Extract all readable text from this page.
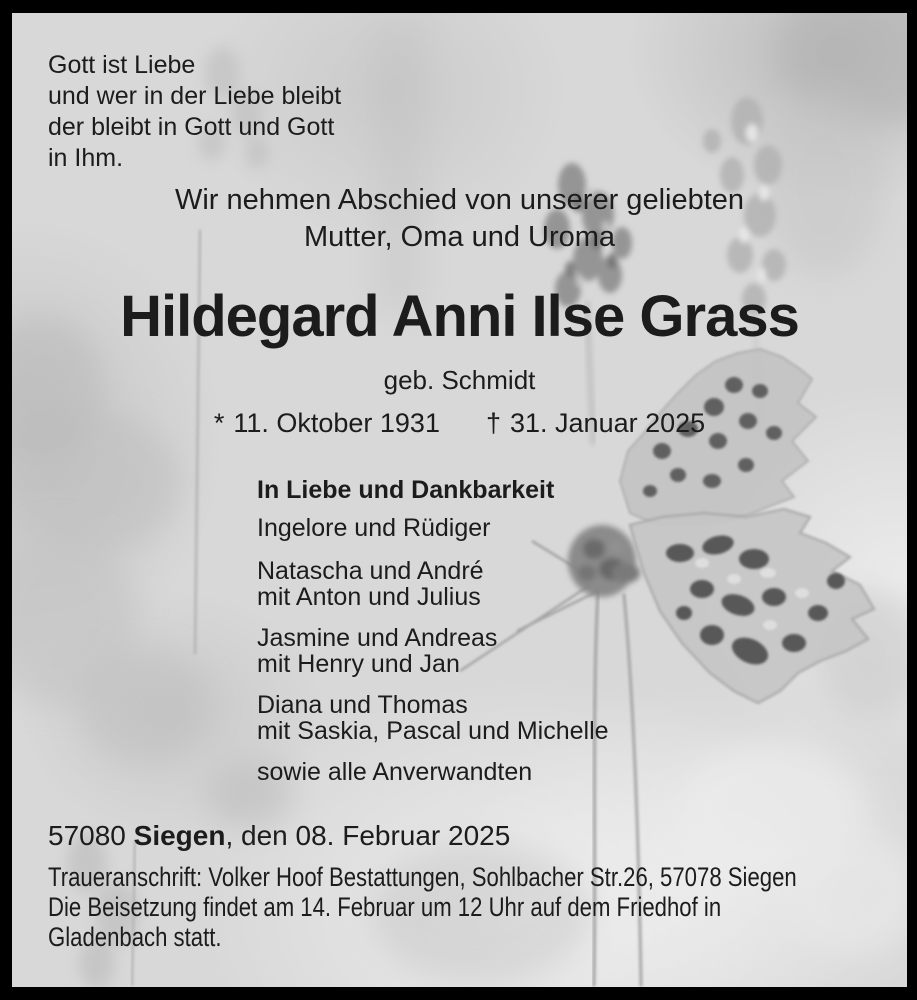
Gott ist Liebe
und wer in der Liebe bleibt
der bleibt in Gott und Gott
in Ihm.
Wir nehmen Abschied von unserer geliebten
Mutter, Oma und Uroma
Hildegard Anni Ilse Grass
geb. Schmidt
* 11. Oktober 1931 † 31. Januar 2025
In Liebe und Dankbarkeit
Ingelore und Rüdiger
Natascha und André
mit Anton und Julius
Jasmine und Andreas
mit Henry und Jan
Diana und Thomas
mit Saskia, Pascal und Michelle
sowie alle Anverwandten
57080 Siegen, den 08. Februar 2025
Traueranschrift: Volker Hoof Bestattungen, Sohlbacher Str.26, 57078 Siegen
Die Beisetzung findet am 14. Februar um 12 Uhr auf dem Friedhof in
Gladenbach statt.
